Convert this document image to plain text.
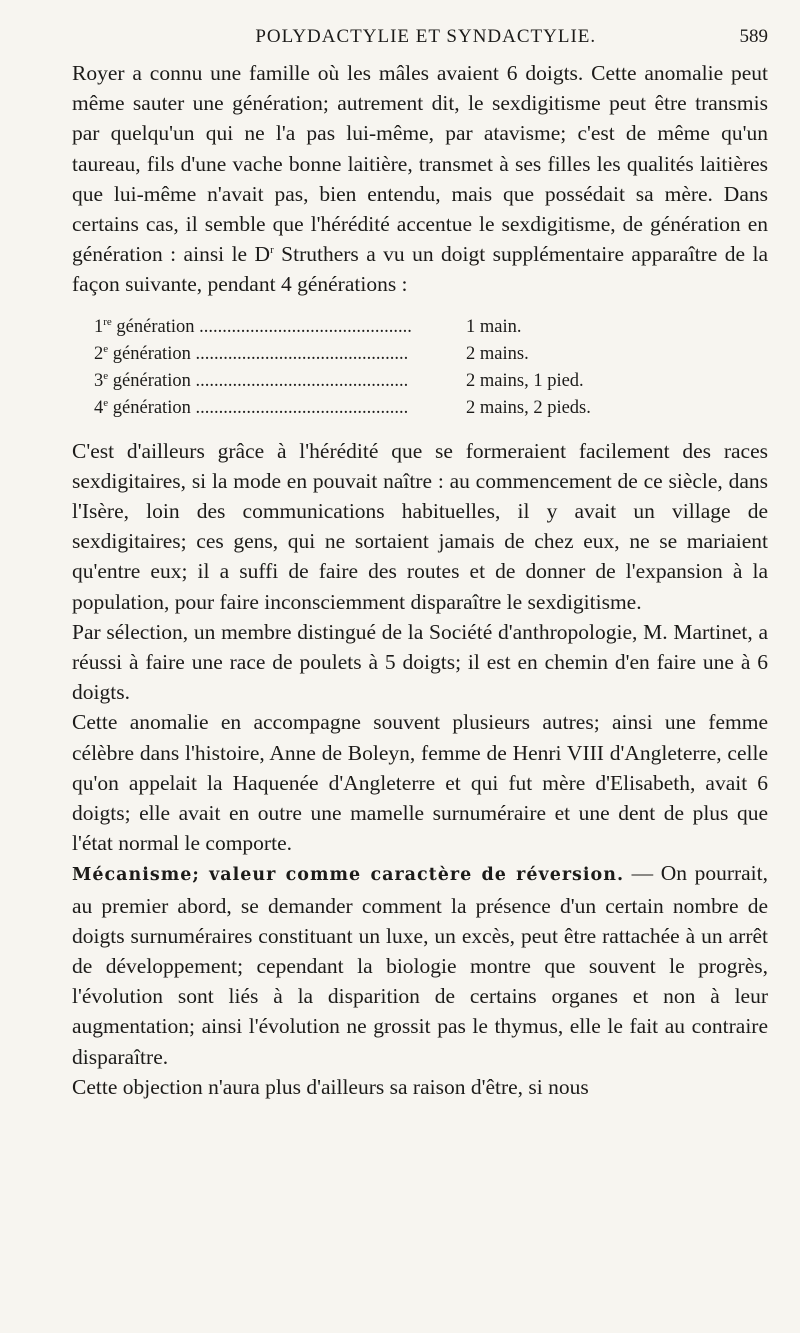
POLYDACTYLIE ET SYNDACTYLIE.	589

Royer a connu une famille où les mâles avaient 6 doigts. Cette anomalie peut même sauter une génération; autrement dit, le sexdigitisme peut être transmis par quelqu'un qui ne l'a pas lui-même, par atavisme; c'est de même qu'un taureau, fils d'une vache bonne laitière, transmet à ses filles les qualités laitières que lui-même n'avait pas, bien entendu, mais que possédait sa mère. Dans certains cas, il semble que l'hérédité accentue le sexdigitisme, de génération en génération : ainsi le $D^r$ Struthers a vu un doigt supplémentaire apparaître de la façon suivante, pendant 4 générations :

1re génération .....	1 main.
2e génération .....	2 mains.
3e génération .....	2 mains, 1 pied.
4e génération .....	2 mains, 2 pieds.

C'est d'ailleurs grâce à l'hérédité que se formeraient facilement des races sexdigitaires, si la mode en pouvait naître : au commencement de ce siècle, dans l'Isère, loin des communications habituelles, il y avait un village de sexdigitaires; ces gens, qui ne sortaient jamais de chez eux, ne se mariaient qu'entre eux; il a suffi de faire des routes et de donner de l'expansion à la population, pour faire inconsciemment disparaître le sexdigitisme.

Par sélection, un membre distingué de la Société d'anthropologie, M. Martinet, a réussi à faire une race de poulets à 5 doigts; il est en chemin d'en faire une à 6 doigts.

Cette anomalie en accompagne souvent plusieurs autres; ainsi une femme célèbre dans l'histoire, Anne de Boleyn, femme de Henri VIII d'Angleterre, celle qu'on appelait la Haquenée d'Angleterre et qui fut mère d'Elisabeth, avait 6 doigts; elle avait en outre une mamelle surnuméraire et une dent de plus que l'état normal le comporte.

Mécanisme; valeur comme caractère de réversion. — On pourrait, au premier abord, se demander comment la présence d'un certain nombre de doigts surnuméraires constituant un luxe, un excès, peut être rattachée à un arrêt de développement; cependant la biologie montre que souvent le progrès, l'évolution sont liés à la disparition de certains organes et non à leur augmentation; ainsi l'évolution ne grossit pas le thymus, elle le fait au contraire disparaître.

Cette objection n'aura plus d'ailleurs sa raison d'être, si nous
